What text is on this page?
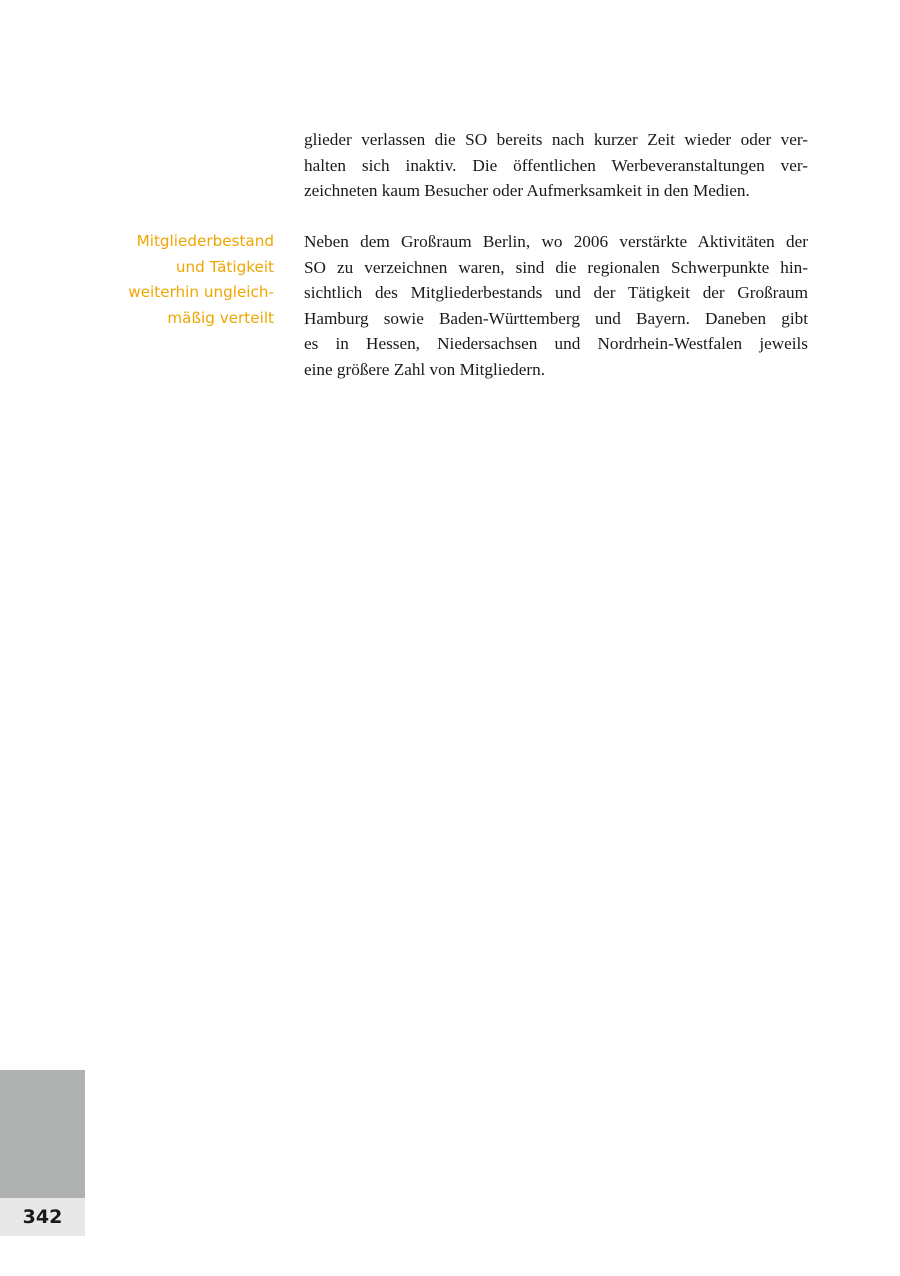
glieder verlassen die SO bereits nach kurzer Zeit wieder oder ver-
halten sich inaktiv. Die öffentlichen Werbeveranstaltungen ver-
zeichneten kaum Besucher oder Aufmerksamkeit in den Medien.

Mitgliederbestand
und Tätigkeit
weiterhin ungleich-
mäßig verteilt

Neben dem Großraum Berlin, wo 2006 verstärkte Aktivitäten der
SO zu verzeichnen waren, sind die regionalen Schwerpunkte hin-
sichtlich des Mitgliederbestands und der Tätigkeit der Großraum
Hamburg sowie Baden-Württemberg und Bayern. Daneben gibt
es in Hessen, Niedersachsen und Nordrhein-Westfalen jeweils
eine größere Zahl von Mitgliedern.

342
